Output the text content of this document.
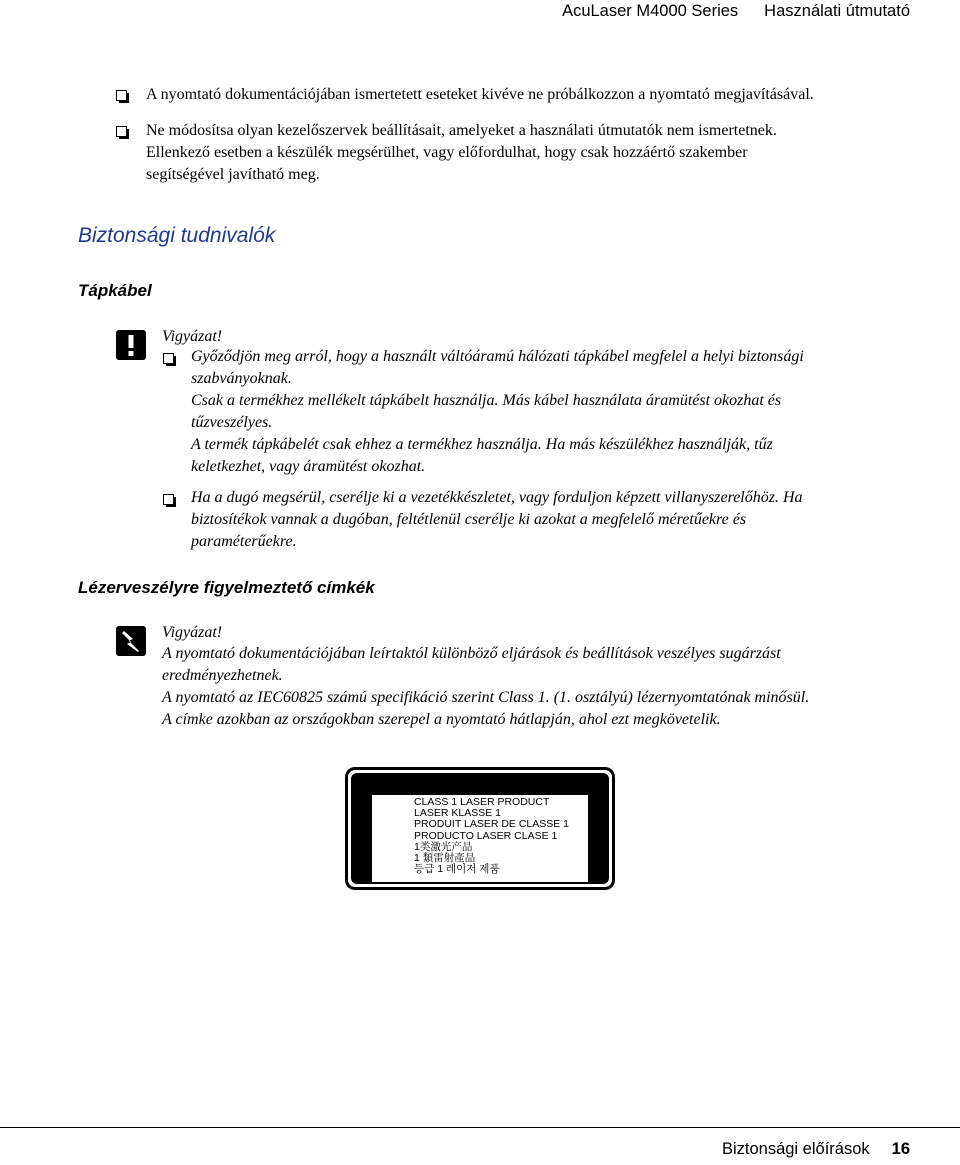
AcuLaser M4000 Series Használati útmutató
A nyomtató dokumentációjában ismertetett eseteket kivéve ne próbálkozzon a nyomtató megjavításával.
Ne módosítsa olyan kezelőszervek beállításait, amelyeket a használati útmutatók nem ismertetnek.
Ellenkező esetben a készülék megsérülhet, vagy előfordulhat, hogy csak hozzáértő szakember
segítségével javítható meg.
Biztonsági tudnivalók
Tápkábel
Vigyázat!
Győződjön meg arról, hogy a használt váltóáramú hálózati tápkábel megfelel a helyi biztonsági
szabványoknak.
Csak a termékhez mellékelt tápkábelt használja. Más kábel használata áramütést okozhat és
tűzveszélyes.
A termék tápkábelét csak ehhez a termékhez használja. Ha más készülékhez használják, tűz
keletkezhet, vagy áramütést okozhat.
Ha a dugó megsérül, cserélje ki a vezetékkészletet, vagy forduljon képzett villanyszerelőhöz. Ha
biztosítékok vannak a dugóban, feltétlenül cserélje ki azokat a megfelelő méretűekre és
paraméterűekre.
Lézerveszélyre figyelmeztető címkék
Vigyázat!
A nyomtató dokumentációjában leírtaktól különböző eljárások és beállítások veszélyes sugárzást
eredményezhetnek.
A nyomtató az IEC60825 számú specifikáció szerint Class 1. (1. osztályú) lézernyomtatónak minősül.
A címke azokban az országokban szerepel a nyomtató hátlapján, ahol ezt megkövetelik.
CLASS 1 LASER PRODUCT
LASER KLASSE 1
PRODUIT LASER DE CLASSE 1
PRODUCTO LASER CLASE 1
1类激光产品
1 類雷射產品
등급 1 레이저 제품
Biztonsági előírások 16
